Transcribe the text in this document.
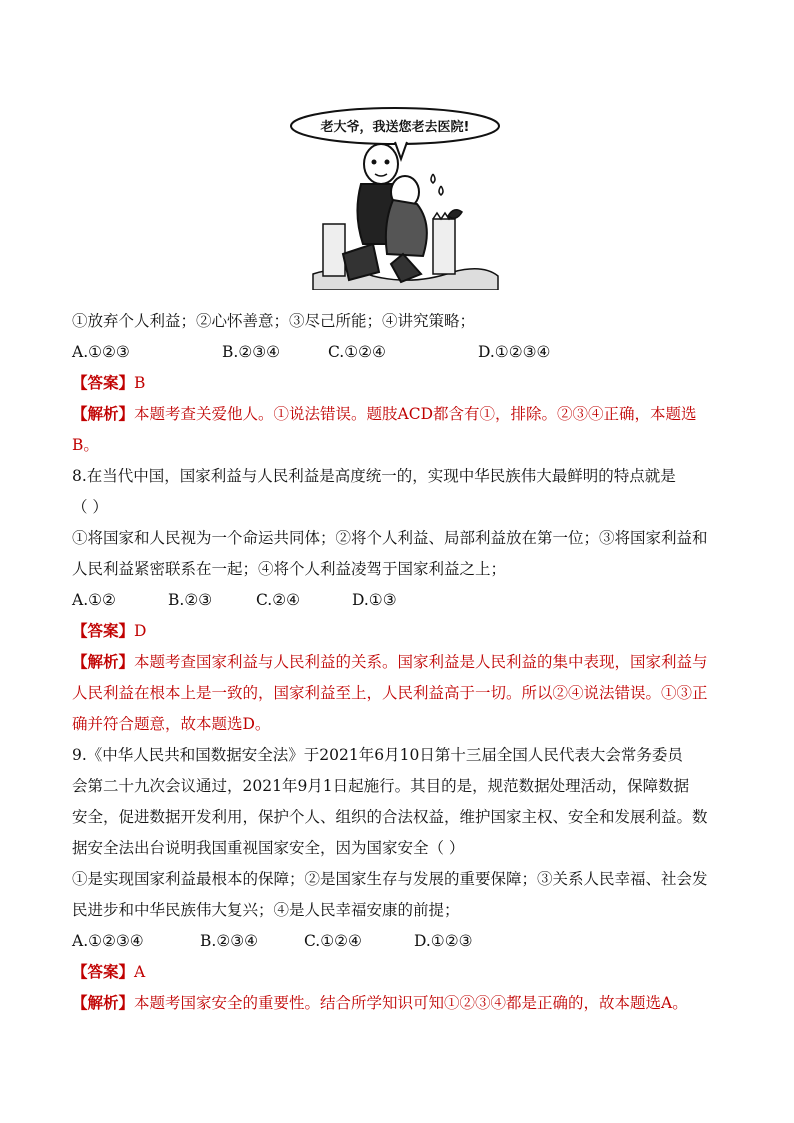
老大爷，我送您老去医院!
①放弃个人利益；②心怀善意；③尽己所能；④讲究策略；
A.①②③	B.②③④	C.①②④	D.①②③④
【答案】B
【解析】本题考查关爱他人。①说法错误。题肢ACD都含有①，排除。②③④正确，本题选
B。
8.在当代中国，国家利益与人民利益是高度统一的，实现中华民族伟大最鲜明的特点就是
（ ）
①将国家和人民视为一个命运共同体；②将个人利益、局部利益放在第一位；③将国家利益和
人民利益紧密联系在一起；④将个人利益凌驾于国家利益之上；
A.①②	B.②③	C.②④	D.①③
【答案】D
【解析】本题考查国家利益与人民利益的关系。国家利益是人民利益的集中表现，国家利益与
人民利益在根本上是一致的，国家利益至上，人民利益高于一切。所以②④说法错误。①③正
确并符合题意，故本题选D。
9.《中华人民共和国数据安全法》于2021年6月10日第十三届全国人民代表大会常务委员
会第二十九次会议通过，2021年9月1日起施行。其目的是，规范数据处理活动，保障数据
安全，促进数据开发利用，保护个人、组织的合法权益，维护国家主权、安全和发展利益。数
据安全法出台说明我国重视国家安全，因为国家安全（ ）
①是实现国家利益最根本的保障；②是国家生存与发展的重要保障；③关系人民幸福、社会发
民进步和中华民族伟大复兴；④是人民幸福安康的前提；
A.①②③④	B.②③④	C.①②④	D.①②③
【答案】A
【解析】本题考国家安全的重要性。结合所学知识可知①②③④都是正确的，故本题选A。
